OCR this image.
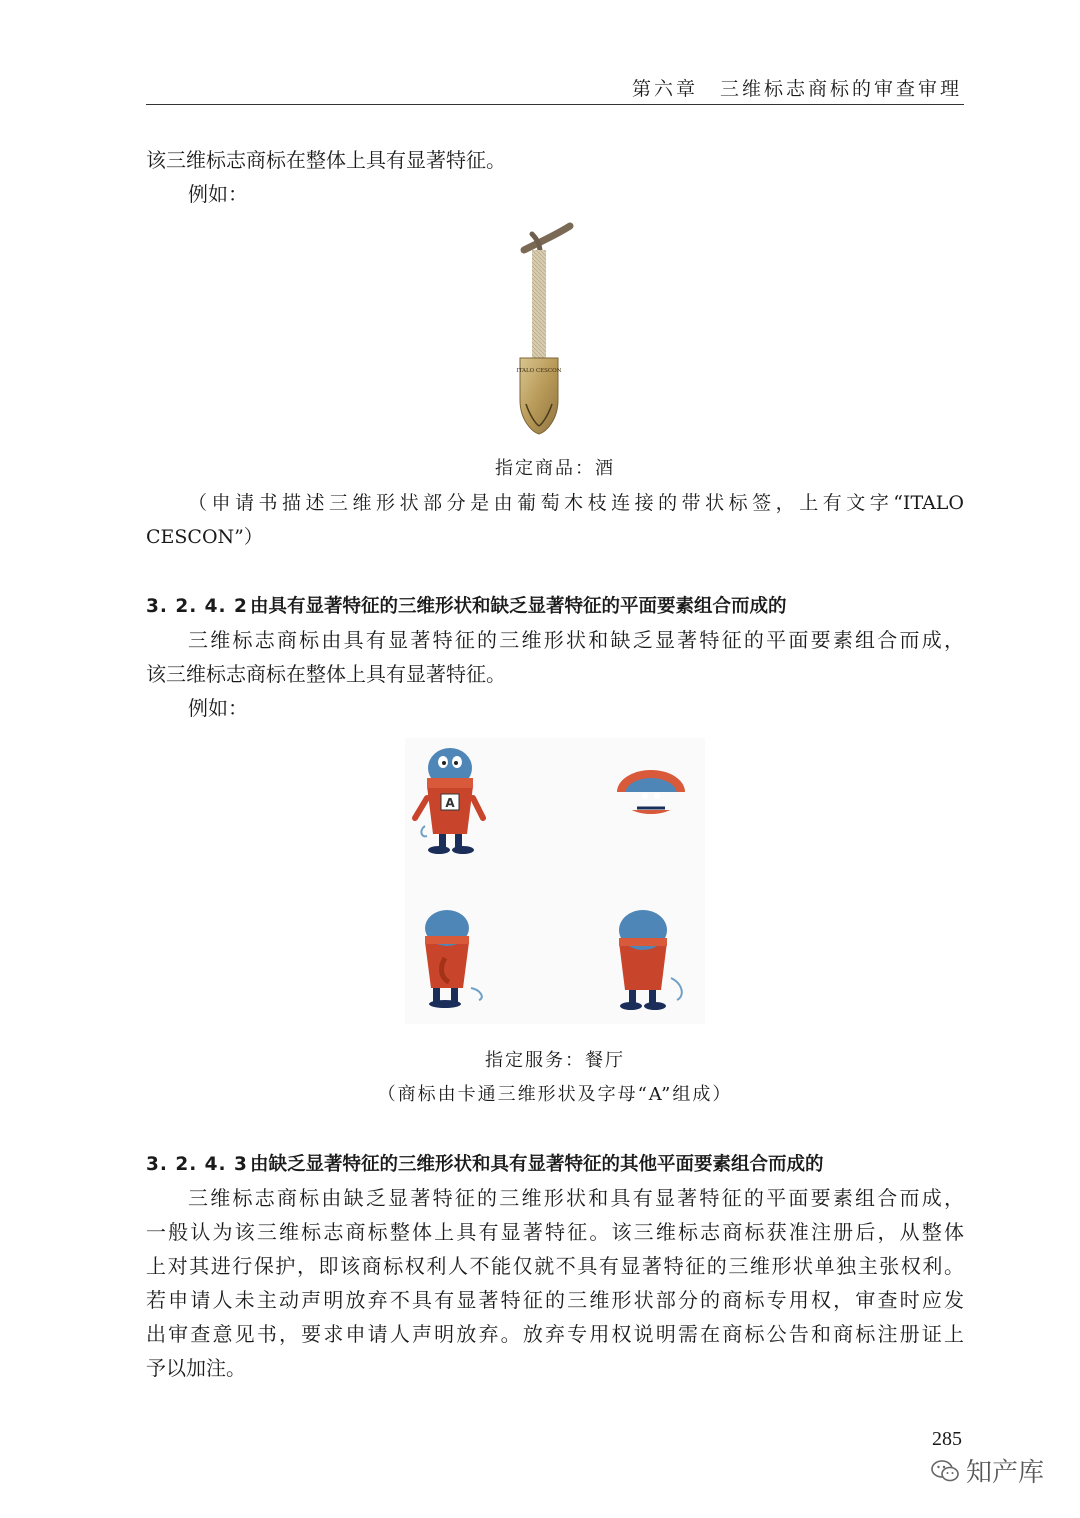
第六章　三维标志商标的审查审理
该三维标志商标在整体上具有显著特征。
例如：
ITALO CESCON
指定商品：酒
（申请书描述三维形状部分是由葡萄木枝连接的带状标签，上有文字“ITALO
CESCON”）
3. 2. 4. 2 由具有显著特征的三维形状和缺乏显著特征的平面要素组合而成的
三维标志商标由具有显著特征的三维形状和缺乏显著特征的平面要素组合而成，
该三维标志商标在整体上具有显著特征。
例如：
A
指定服务：餐厅
（商标由卡通三维形状及字母“A”组成）
3. 2. 4. 3 由缺乏显著特征的三维形状和具有显著特征的其他平面要素组合而成的
三维标志商标由缺乏显著特征的三维形状和具有显著特征的平面要素组合而成，
一般认为该三维标志商标整体上具有显著特征。该三维标志商标获准注册后，从整体
上对其进行保护，即该商标权利人不能仅就不具有显著特征的三维形状单独主张权利。
若申请人未主动声明放弃不具有显著特征的三维形状部分的商标专用权，审查时应发
出审查意见书，要求申请人声明放弃。放弃专用权说明需在商标公告和商标注册证上
予以加注。
285
知产库
